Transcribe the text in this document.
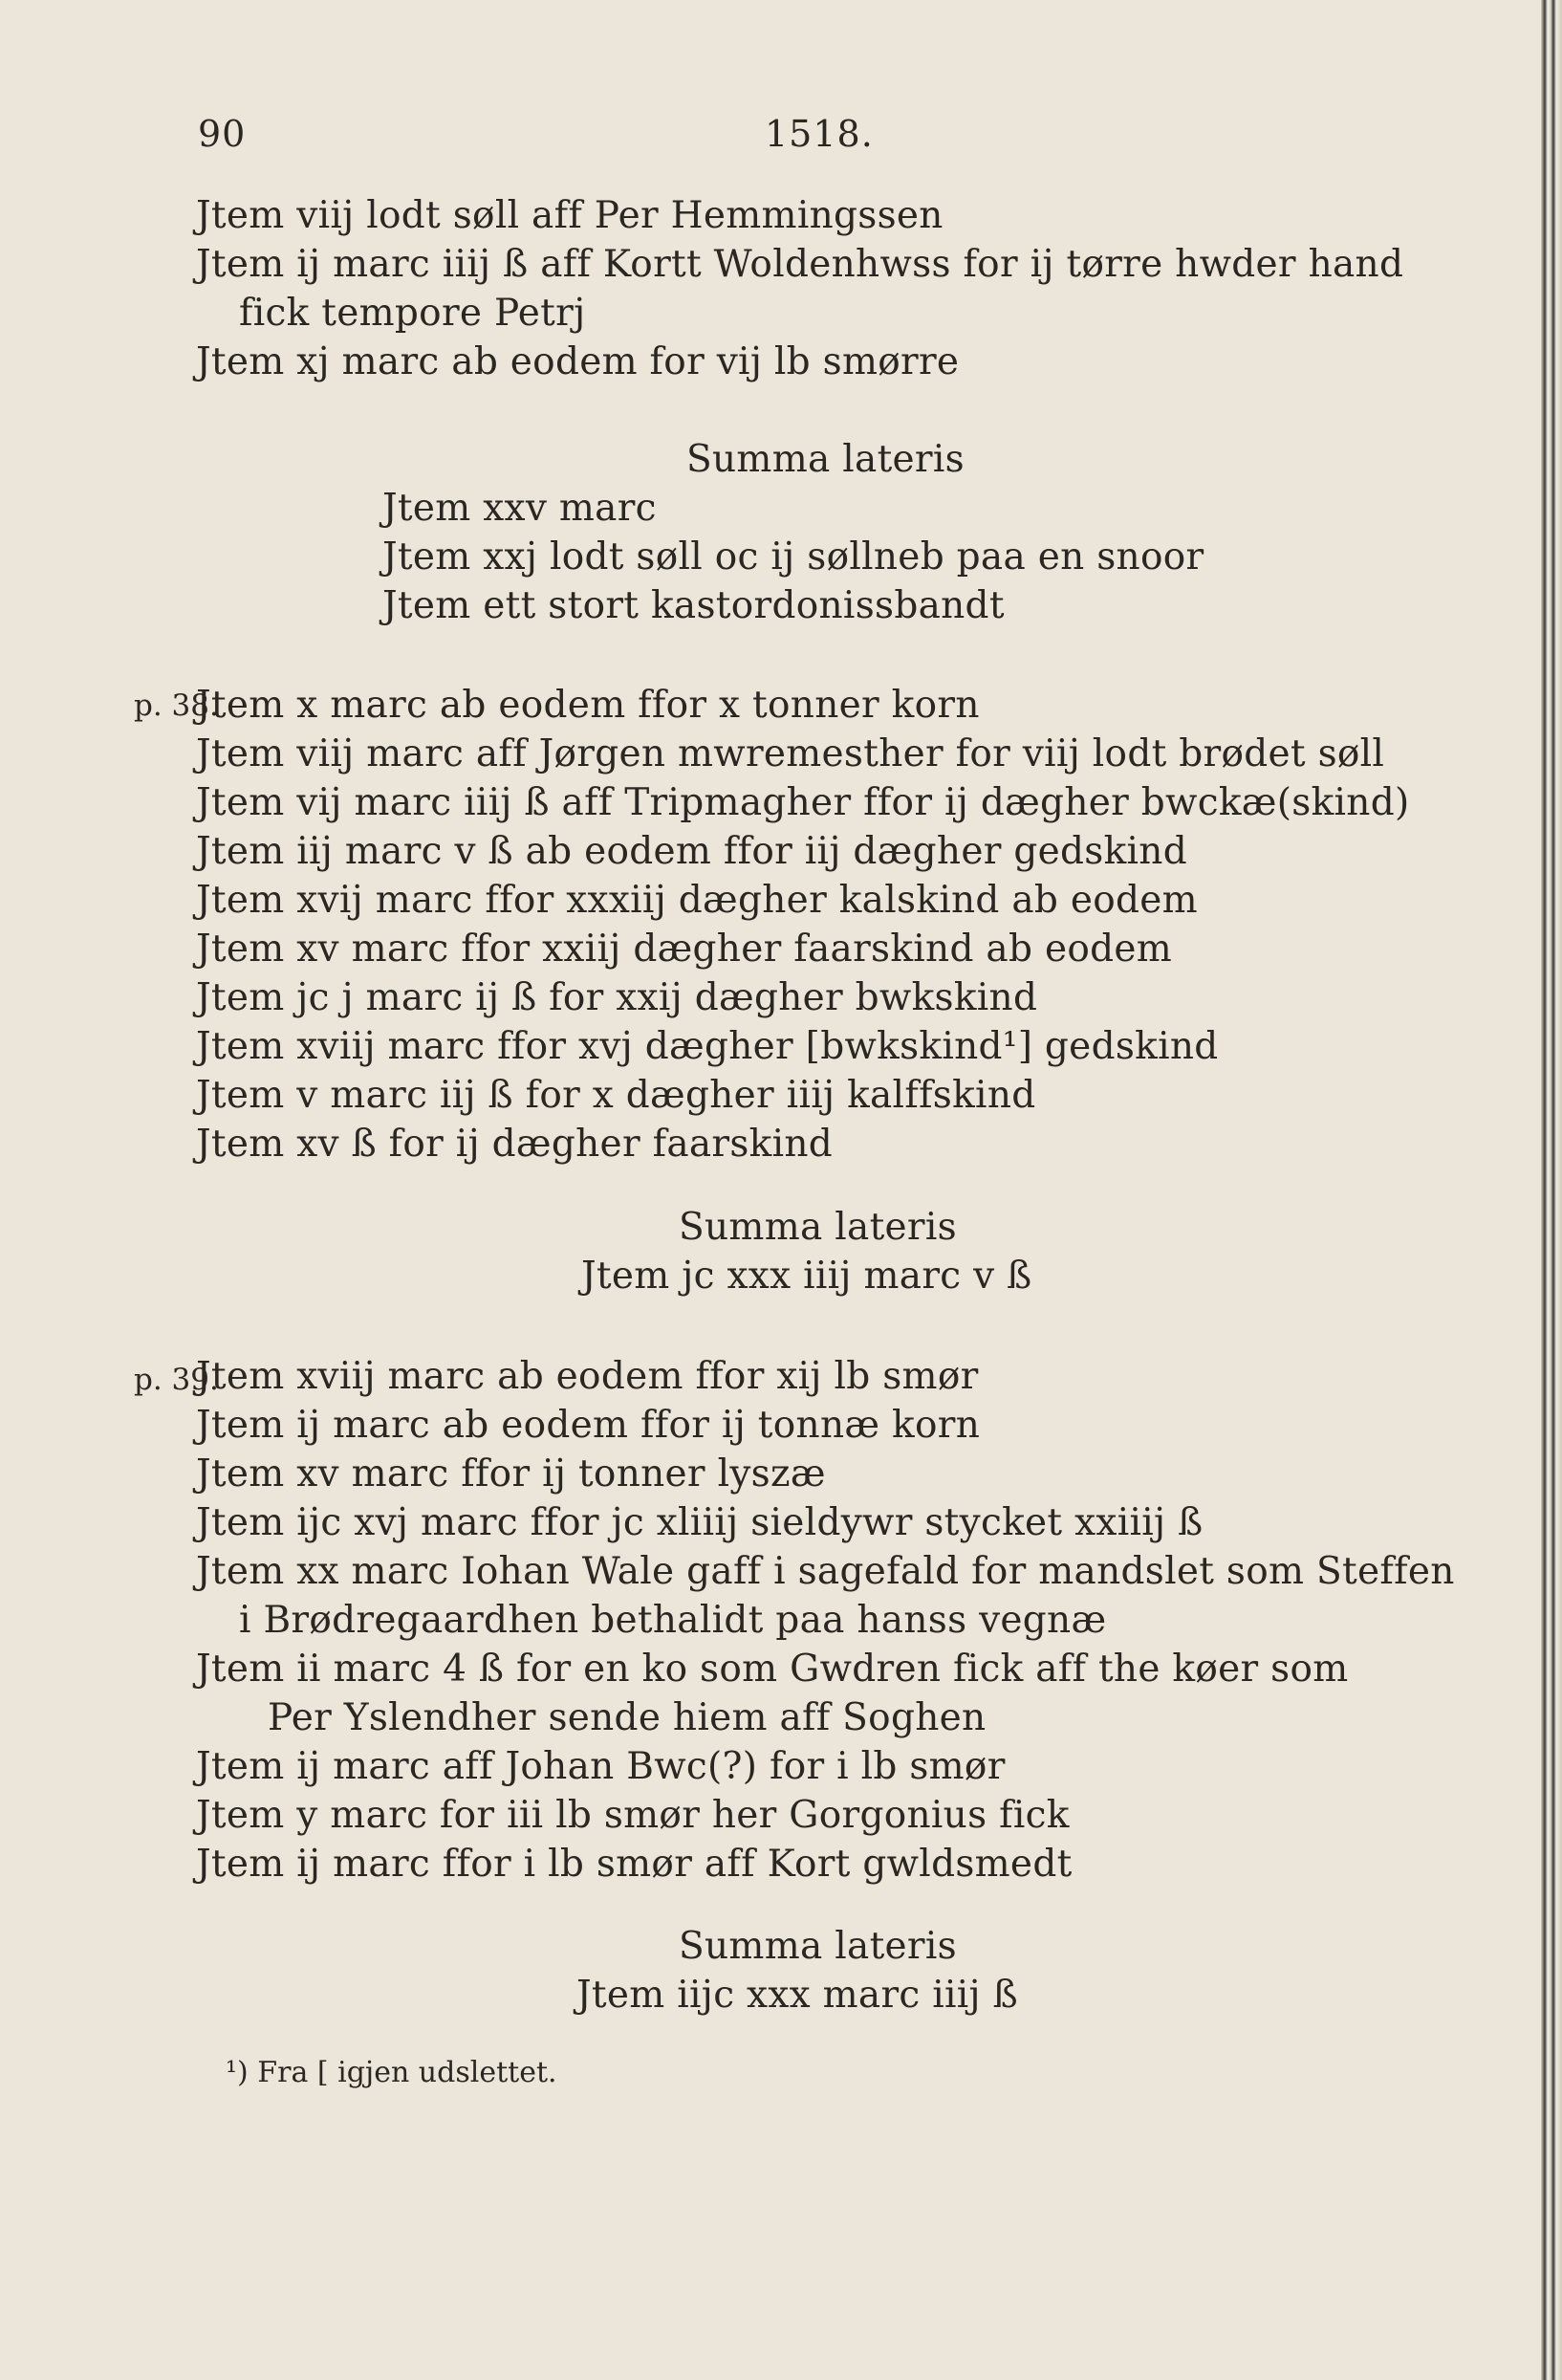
90	1518.
Jtem viij lodt søll aff Per Hemmingssen
Jtem ij marc iiij ß aff Kortt Woldenhwss for ij tørre hwder hand
fick tempore Petrj
Jtem xj marc ab eodem for vij lb smørre
Summa lateris
Jtem xxv marc
Jtem xxj lodt søll oc ij søllneb paa en snoor
Jtem ett stort kastordonissbandt
p. 38.
Jtem x marc ab eodem ffor x tonner korn
Jtem viij marc aff Jørgen mwremesther for viij lodt brødet søll
Jtem vij marc iiij ß aff Tripmagher ffor ij dægher bwckæ(skind)
Jtem iij marc v ß ab eodem ffor iij dægher gedskind
Jtem xvij marc ffor xxxiij dægher kalskind ab eodem
Jtem xv marc ffor xxiij dægher faarskind ab eodem
Jtem jc j marc ij ß for xxij dægher bwkskind
Jtem xviij marc ffor xvj dægher [bwkskind¹] gedskind
Jtem v marc iij ß for x dægher iiij kalffskind
Jtem xv ß for ij dægher faarskind
Summa lateris
Jtem jc xxx iiij marc v ß
p. 39.
Jtem xviij marc ab eodem ffor xij lb smør
Jtem ij marc ab eodem ffor ij tonnæ korn
Jtem xv marc ffor ij tonner lyszæ
Jtem ijc xvj marc ffor jc xliiij sieldywr stycket xxiiij ß
Jtem xx marc Iohan Wale gaff i sagefald for mandslet som Steffen
i Brødregaardhen bethalidt paa hanss vegnæ
Jtem ii marc 4 ß for en ko som Gwdren fick aff the køer som
Per Yslendher sende hiem aff Soghen
Jtem ij marc aff Johan Bwc(?) for i lb smør
Jtem y marc for iii lb smør her Gorgonius fick
Jtem ij marc ffor i lb smør aff Kort gwldsmedt
Summa lateris
Jtem iijc xxx marc iiij ß
¹) Fra [ igjen udslettet.
